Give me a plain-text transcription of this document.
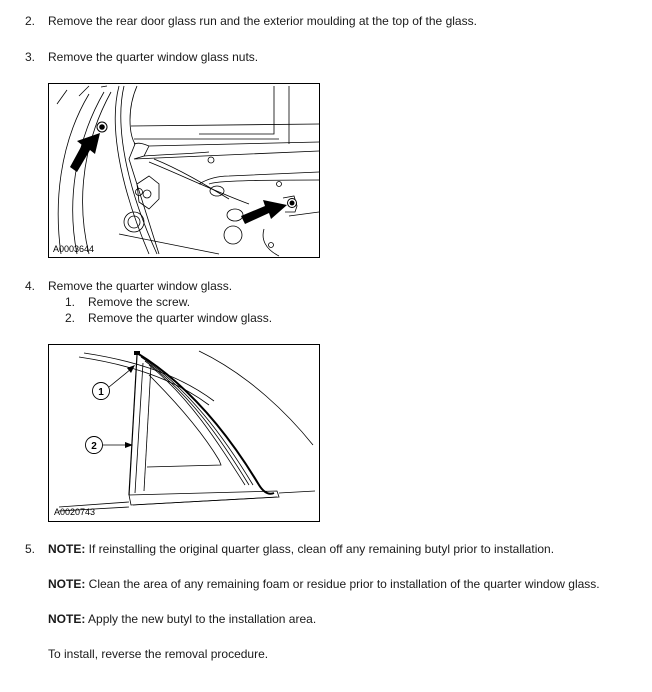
2. Remove the rear door glass run and the exterior moulding at the top of the glass.
3. Remove the quarter window glass nuts.
A0003644
4. Remove the quarter window glass.
1. Remove the screw.
2. Remove the quarter window glass.
1
2
A0020743
5. NOTE: If reinstalling the original quarter glass, clean off any remaining butyl prior to installation.
NOTE: Clean the area of any remaining foam or residue prior to installation of the quarter window glass.
NOTE: Apply the new butyl to the installation area.
To install, reverse the removal procedure.
